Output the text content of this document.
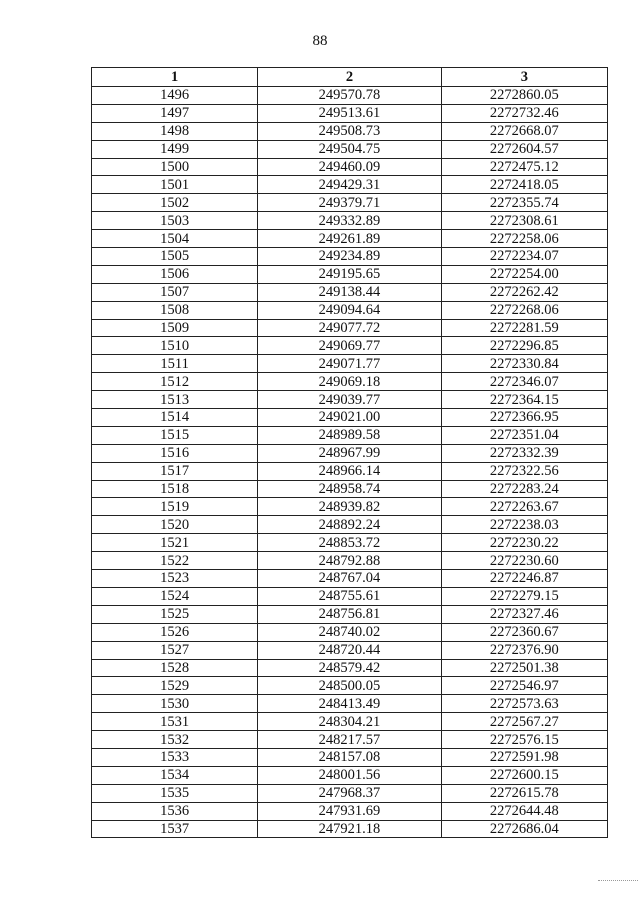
88
1	2	3
1496	249570.78	2272860.05
1497	249513.61	2272732.46
1498	249508.73	2272668.07
1499	249504.75	2272604.57
1500	249460.09	2272475.12
1501	249429.31	2272418.05
1502	249379.71	2272355.74
1503	249332.89	2272308.61
1504	249261.89	2272258.06
1505	249234.89	2272234.07
1506	249195.65	2272254.00
1507	249138.44	2272262.42
1508	249094.64	2272268.06
1509	249077.72	2272281.59
1510	249069.77	2272296.85
1511	249071.77	2272330.84
1512	249069.18	2272346.07
1513	249039.77	2272364.15
1514	249021.00	2272366.95
1515	248989.58	2272351.04
1516	248967.99	2272332.39
1517	248966.14	2272322.56
1518	248958.74	2272283.24
1519	248939.82	2272263.67
1520	248892.24	2272238.03
1521	248853.72	2272230.22
1522	248792.88	2272230.60
1523	248767.04	2272246.87
1524	248755.61	2272279.15
1525	248756.81	2272327.46
1526	248740.02	2272360.67
1527	248720.44	2272376.90
1528	248579.42	2272501.38
1529	248500.05	2272546.97
1530	248413.49	2272573.63
1531	248304.21	2272567.27
1532	248217.57	2272576.15
1533	248157.08	2272591.98
1534	248001.56	2272600.15
1535	247968.37	2272615.78
1536	247931.69	2272644.48
1537	247921.18	2272686.04
